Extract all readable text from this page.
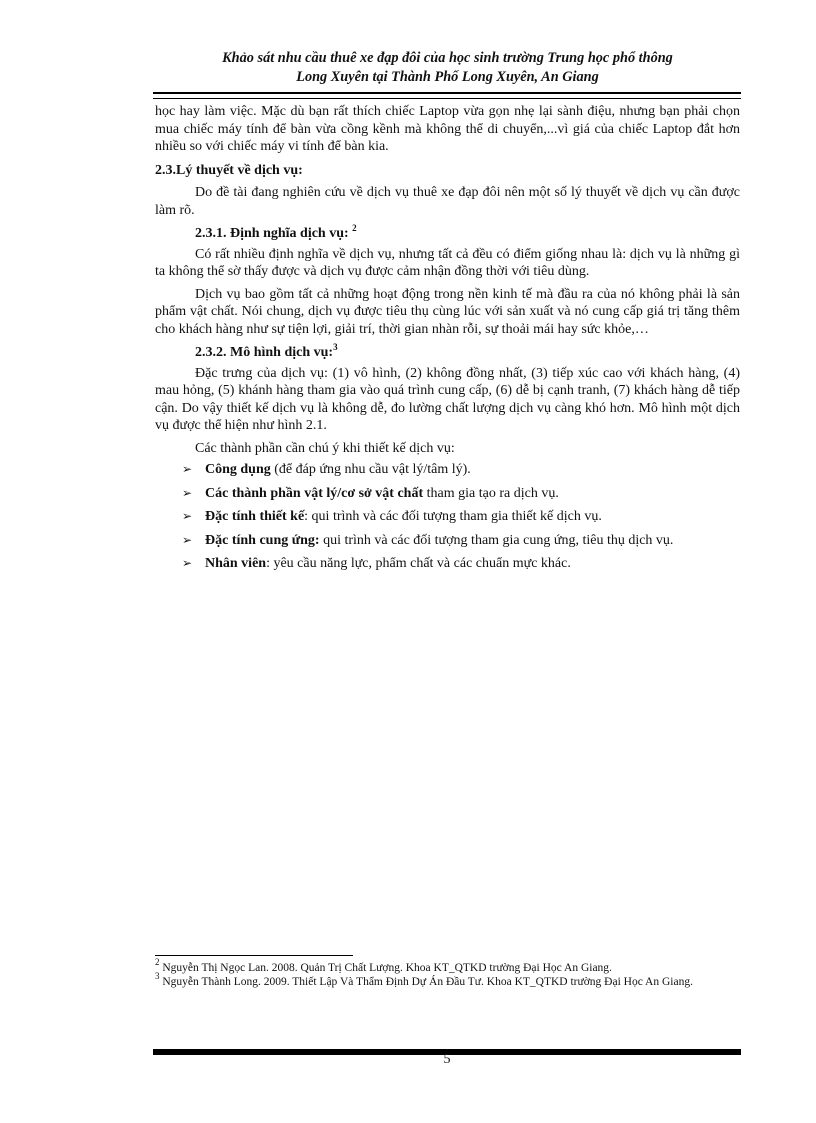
Khảo sát nhu cầu thuê xe đạp đôi của học sinh trường Trung học phổ thông
Long Xuyên tại Thành Phố Long Xuyên, An Giang

học hay làm việc. Mặc dù bạn rất thích chiếc Laptop vừa gọn nhẹ lại sành điệu, nhưng bạn phải chọn mua chiếc máy tính để bàn vừa cồng kềnh mà không thể di chuyển,...vì giá của chiếc Laptop đắt hơn nhiều so với chiếc máy vi tính để bàn kia.

2.3.Lý thuyết về dịch vụ:

Do đề tài đang nghiên cứu về dịch vụ thuê xe đạp đôi nên một số lý thuyết về dịch vụ cần được làm rõ.

2.3.1. Định nghĩa dịch vụ: $^2$

Có rất nhiều định nghĩa về dịch vụ, nhưng tất cả đều có điểm giống nhau là: dịch vụ là những gì ta không thể sờ thấy được và dịch vụ được cảm nhận đồng thời với tiêu dùng.

Dịch vụ bao gồm tất cả những hoạt động trong nền kinh tế mà đầu ra của nó không phải là sản phẩm vật chất. Nói chung, dịch vụ được tiêu thụ cùng lúc với sản xuất và nó cung cấp giá trị tăng thêm cho khách hàng như sự tiện lợi, giải trí, thời gian nhàn rỗi, sự thoải mái hay sức khỏe,…

2.3.2. Mô hình dịch vụ:$^3$

Đặc trưng của dịch vụ: (1) vô hình, (2) không đồng nhất, (3) tiếp xúc cao với khách hàng, (4) mau hỏng, (5) khánh hàng tham gia vào quá trình cung cấp, (6) dễ bị cạnh tranh, (7) khách hàng dễ tiếp cận. Do vậy thiết kế dịch vụ là không dễ, đo lường chất lượng dịch vụ càng khó hơn. Mô hình một dịch vụ được thể hiện như hình 2.1.

Các thành phần cần chú ý khi thiết kế dịch vụ:

➢ Công dụng (để đáp ứng nhu cầu vật lý/tâm lý).
➢ Các thành phần vật lý/cơ sở vật chất tham gia tạo ra dịch vụ.
➢ Đặc tính thiết kế: qui trình và các đối tượng tham gia thiết kế dịch vụ.
➢ Đặc tính cung ứng: qui trình và các đối tượng tham gia cung ứng, tiêu thụ dịch vụ.
➢ Nhân viên: yêu cầu năng lực, phẩm chất và các chuẩn mực khác.

$^2$ Nguyễn Thị Ngọc Lan. 2008. Quản Trị Chất Lượng. Khoa KT_QTKD trường Đại Học An Giang.

$^3$ Nguyễn Thành Long. 2009. Thiết Lập Và Thẩm Định Dự Án Đầu Tư. Khoa KT_QTKD trường Đại Học An Giang.

5
